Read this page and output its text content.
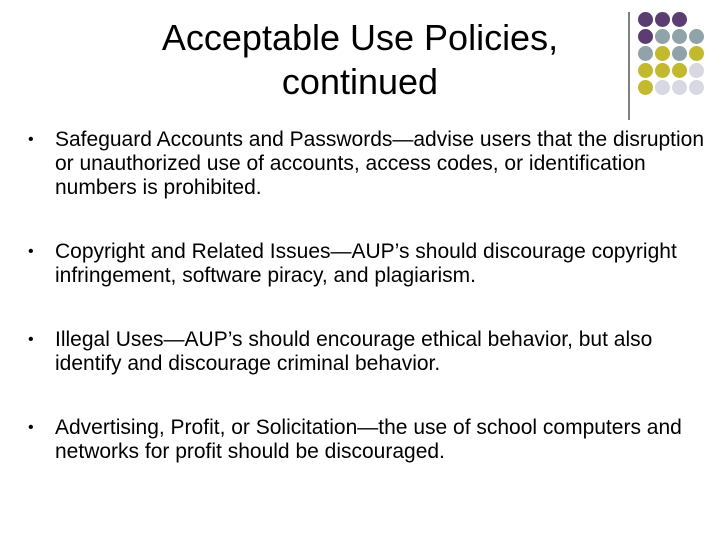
Acceptable Use Policies,
continued
• Safeguard Accounts and Passwords—advise users that the disruption or unauthorized use of accounts, access codes, or identification numbers is prohibited.
• Copyright and Related Issues—AUP’s should discourage copyright infringement, software piracy, and plagiarism.
• Illegal Uses—AUP’s should encourage ethical behavior, but also identify and discourage criminal behavior.
• Advertising, Profit, or Solicitation—the use of school computers and networks for profit should be discouraged.
